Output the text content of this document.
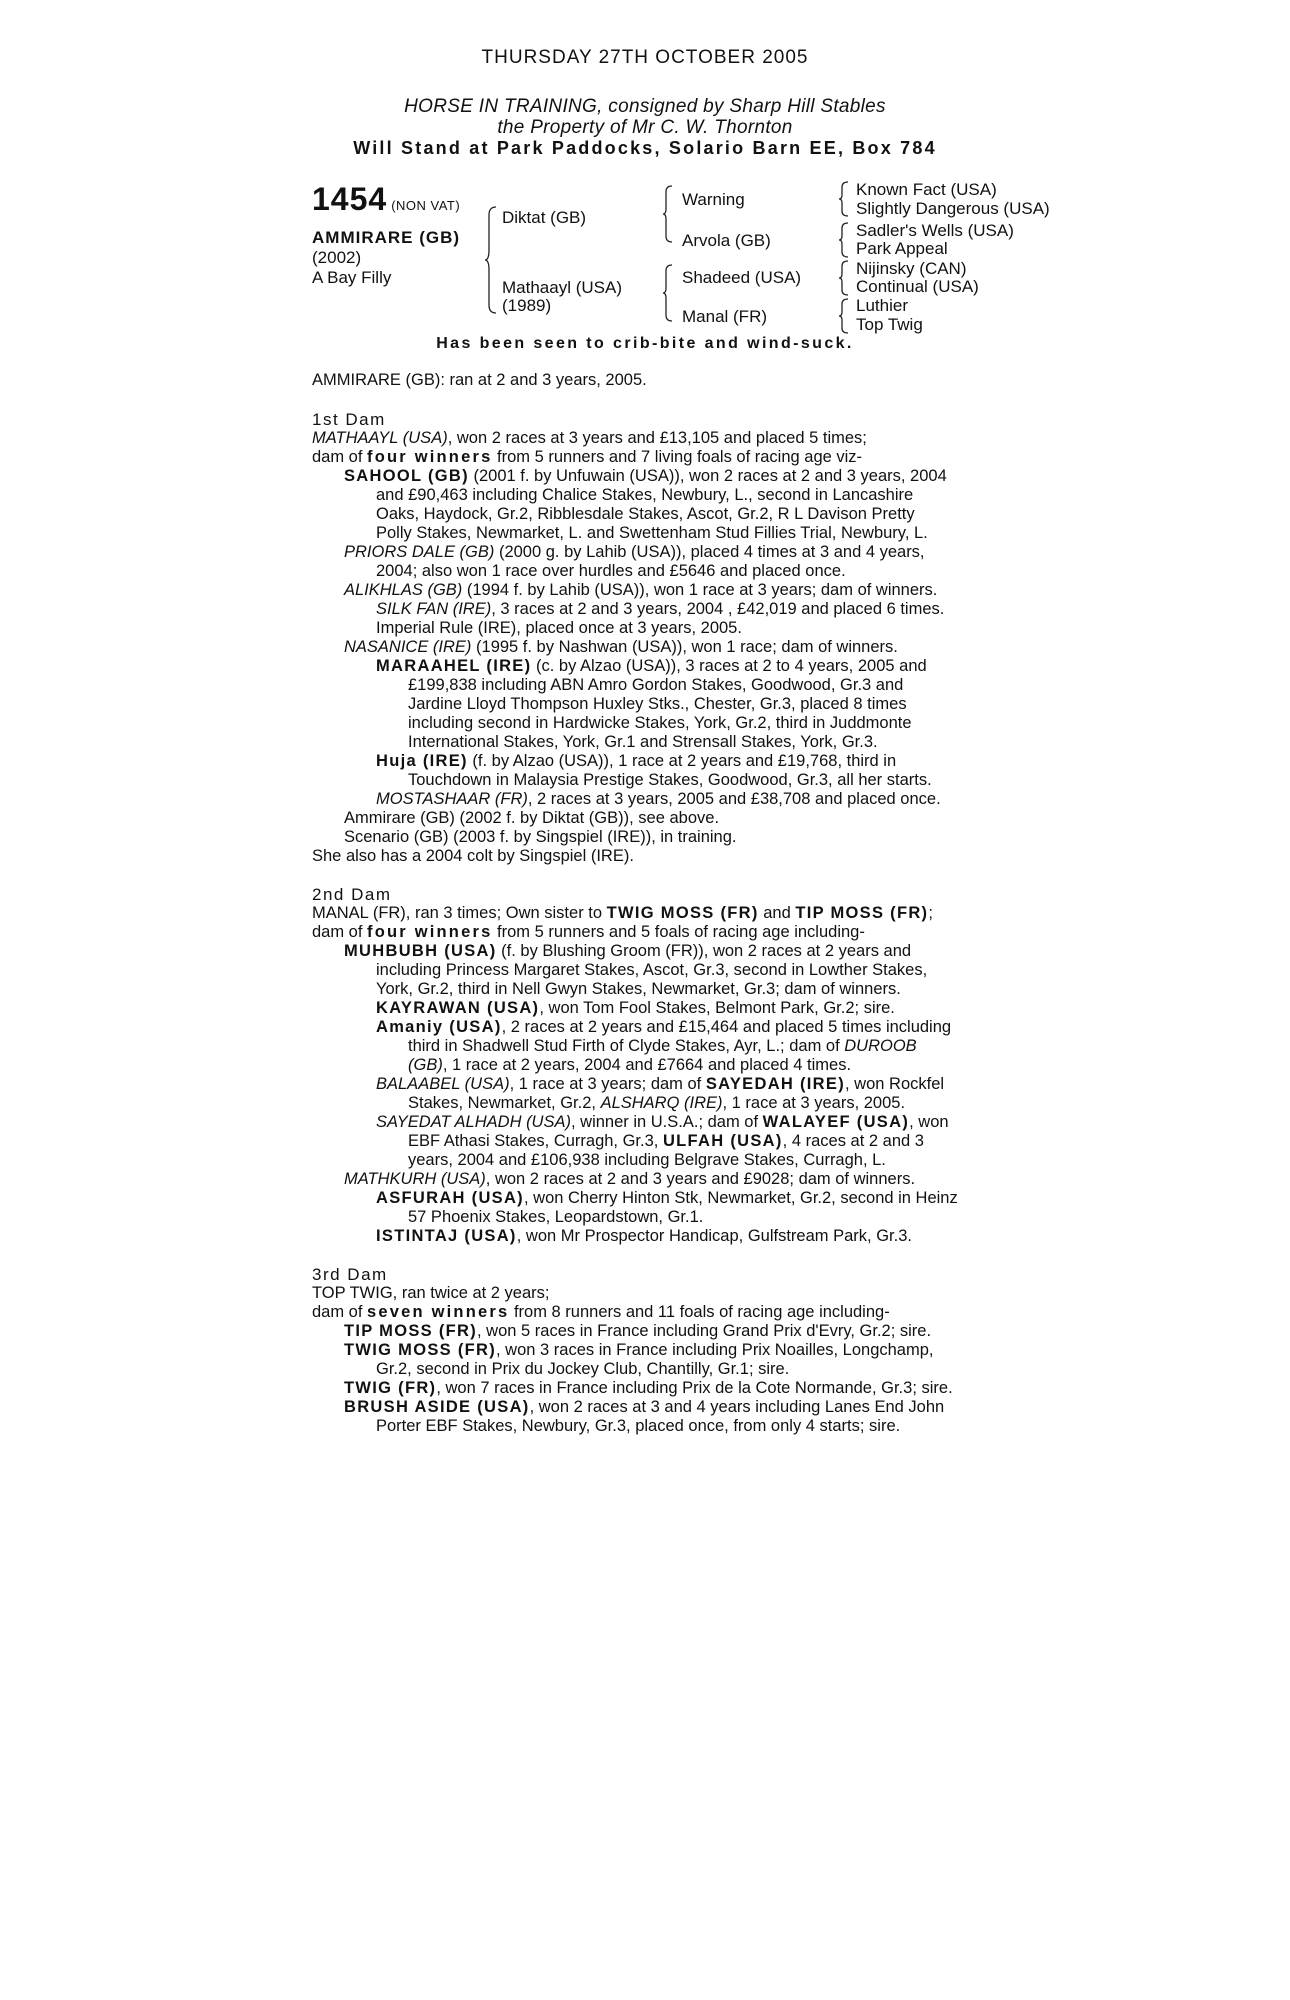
THURSDAY 27TH OCTOBER 2005
HORSE IN TRAINING, consigned by Sharp Hill Stables
the Property of Mr C. W. Thornton
Will Stand at Park Paddocks, Solario Barn EE, Box 784
1454 (NON VAT)
AMMIRARE (GB)
(2002)
A Bay Filly
Diktat (GB)
Mathaayl (USA)
(1989)
Warning
Arvola (GB)
Shadeed (USA)
Manal (FR)
Known Fact (USA)
Slightly Dangerous (USA)
Sadler's Wells (USA)
Park Appeal
Nijinsky (CAN)
Continual (USA)
Luthier
Top Twig
Has been seen to crib-bite and wind-suck.
AMMIRARE (GB): ran at 2 and 3 years, 2005.
1st Dam
MATHAAYL (USA), won 2 races at 3 years and £13,105 and placed 5 times;
dam of four winners from 5 runners and 7 living foals of racing age viz-
SAHOOL (GB) (2001 f. by Unfuwain (USA)), won 2 races at 2 and 3 years, 2004
and £90,463 including Chalice Stakes, Newbury, L., second in Lancashire
Oaks, Haydock, Gr.2, Ribblesdale Stakes, Ascot, Gr.2, R L Davison Pretty
Polly Stakes, Newmarket, L. and Swettenham Stud Fillies Trial, Newbury, L.
PRIORS DALE (GB) (2000 g. by Lahib (USA)), placed 4 times at 3 and 4 years,
2004; also won 1 race over hurdles and £5646 and placed once.
ALIKHLAS (GB) (1994 f. by Lahib (USA)), won 1 race at 3 years; dam of winners.
SILK FAN (IRE), 3 races at 2 and 3 years, 2004 , £42,019 and placed 6 times.
Imperial Rule (IRE), placed once at 3 years, 2005.
NASANICE (IRE) (1995 f. by Nashwan (USA)), won 1 race; dam of winners.
MARAAHEL (IRE) (c. by Alzao (USA)), 3 races at 2 to 4 years, 2005 and
£199,838 including ABN Amro Gordon Stakes, Goodwood, Gr.3 and
Jardine Lloyd Thompson Huxley Stks., Chester, Gr.3, placed 8 times
including second in Hardwicke Stakes, York, Gr.2, third in Juddmonte
International Stakes, York, Gr.1 and Strensall Stakes, York, Gr.3.
Huja (IRE) (f. by Alzao (USA)), 1 race at 2 years and £19,768, third in
Touchdown in Malaysia Prestige Stakes, Goodwood, Gr.3, all her starts.
MOSTASHAAR (FR), 2 races at 3 years, 2005 and £38,708 and placed once.
Ammirare (GB) (2002 f. by Diktat (GB)), see above.
Scenario (GB) (2003 f. by Singspiel (IRE)), in training.
She also has a 2004 colt by Singspiel (IRE).
2nd Dam
MANAL (FR), ran 3 times; Own sister to TWIG MOSS (FR) and TIP MOSS (FR);
dam of four winners from 5 runners and 5 foals of racing age including-
MUHBUBH (USA) (f. by Blushing Groom (FR)), won 2 races at 2 years and
including Princess Margaret Stakes, Ascot, Gr.3, second in Lowther Stakes,
York, Gr.2, third in Nell Gwyn Stakes, Newmarket, Gr.3; dam of winners.
KAYRAWAN (USA), won Tom Fool Stakes, Belmont Park, Gr.2; sire.
Amaniy (USA), 2 races at 2 years and £15,464 and placed 5 times including
third in Shadwell Stud Firth of Clyde Stakes, Ayr, L.; dam of DUROOB
(GB), 1 race at 2 years, 2004 and £7664 and placed 4 times.
BALAABEL (USA), 1 race at 3 years; dam of SAYEDAH (IRE), won Rockfel
Stakes, Newmarket, Gr.2, ALSHARQ (IRE), 1 race at 3 years, 2005.
SAYEDAT ALHADH (USA), winner in U.S.A.; dam of WALAYEF (USA), won
EBF Athasi Stakes, Curragh, Gr.3, ULFAH (USA), 4 races at 2 and 3
years, 2004 and £106,938 including Belgrave Stakes, Curragh, L.
MATHKURH (USA), won 2 races at 2 and 3 years and £9028; dam of winners.
ASFURAH (USA), won Cherry Hinton Stk, Newmarket, Gr.2, second in Heinz
57 Phoenix Stakes, Leopardstown, Gr.1.
ISTINTAJ (USA), won Mr Prospector Handicap, Gulfstream Park, Gr.3.
3rd Dam
TOP TWIG, ran twice at 2 years;
dam of seven winners from 8 runners and 11 foals of racing age including-
TIP MOSS (FR), won 5 races in France including Grand Prix d'Evry, Gr.2; sire.
TWIG MOSS (FR), won 3 races in France including Prix Noailles, Longchamp,
Gr.2, second in Prix du Jockey Club, Chantilly, Gr.1; sire.
TWIG (FR), won 7 races in France including Prix de la Cote Normande, Gr.3; sire.
BRUSH ASIDE (USA), won 2 races at 3 and 4 years including Lanes End John
Porter EBF Stakes, Newbury, Gr.3, placed once, from only 4 starts; sire.
